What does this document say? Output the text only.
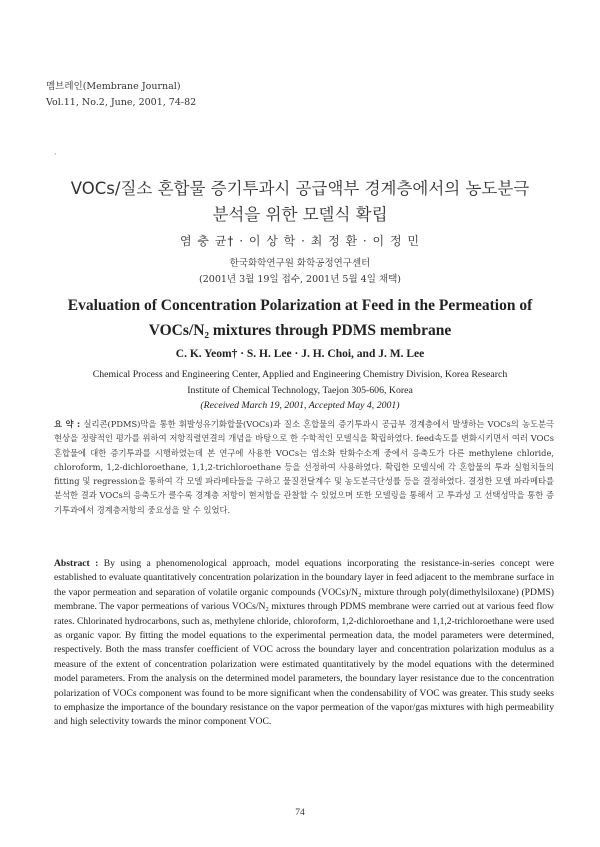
멤브레인(Membrane Journal)
Vol.11, No.2, June, 2001, 74-82
·
VOCs/질소 혼합물 증기투과시 공급액부 경계층에서의 농도분극
분석을 위한 모델식 확립
염 충 균† · 이 상 학 · 최 정 환 · 이 정 민
한국화학연구원 화학공정연구센터
(2001년 3월 19일 접수, 2001년 5월 4일 채택)
Evaluation of Concentration Polarization at Feed in the Permeation of
VOCs/N₂ mixtures through PDMS membrane
C. K. Yeom† · S. H. Lee · J. H. Choi, and J. M. Lee
Chemical Process and Engineering Center, Applied and Engineering Chemistry Division, Korea Research
Institute of Chemical Technology, Taejon 305-606, Korea
(Received March 19, 2001, Accepted May 4, 2001)

요 약 : 실리콘(PDMS)막을 통한 휘발성유기화합물(VOCs)과 질소 혼합물의 증기투과시 공급부 경계층에서 발생하는 VOCs의 농도분극 현상을 정량적인 평가를 위하여 저항직렬연결의 개념을 바탕으로 한 수학적인 모델식을 확립하였다. feed속도를 변화시키면서 여러 VOCs 혼합물에 대한 증기투과를 시행하였는데 본 연구에 사용한 VOCs는 염소화 탄화수소계 중에서 응축도가 다른 methylene chloride, chloroform, 1,2-dichloroethane, 1,1,2-trichloroethane 등을 선정하여 사용하였다. 확립한 모델식에 각 혼합물의 투과 실험치들의 fitting 및 regression을 통하여 각 모델 파라메타들을 구하고 물질전달계수 및 농도분극단성률 등을 결정하였다. 결정한 모델 파라메타를 분석한 결과 VOCs의 응축도가 클수록 경계층 저항이 현저함을 관찰할 수 있었으며 또한 모델링을 통해서 고 투과성 고 선택성막을 통한 증기투과에서 경계층저항의 중요성을 알 수 있었다.

Abstract : By using a phenomenological approach, model equations incorporating the resistance-in-series concept were established to evaluate quantitatively concentration polarization in the boundary layer in feed adjacent to the membrane surface in the vapor permeation and separation of volatile organic compounds (VOCs)/N₂ mixture through poly(dimethylsiloxane) (PDMS) membrane. The vapor permeations of various VOCs/N₂ mixtures through PDMS membrane were carried out at various feed flow rates. Chlorinated hydrocarbons, such as, methylene chloride, chloroform, 1,2-dichloroethane and 1,1,2-trichloroethane were used as organic vapor. By fitting the model equations to the experimental permeation data, the model parameters were determined, respectively. Both the mass transfer coefficient of VOC across the boundary layer and concentration polarization modulus as a measure of the extent of concentration polarization were estimated quantitatively by the model equations with the determined model parameters. From the analysis on the determined model parameters, the boundary layer resistance due to the concentration polarization of VOCs component was found to be more significant when the condensability of VOC was greater. This study seeks to emphasize the importance of the boundary resistance on the vapor permeation of the vapor/gas mixtures with high permeability and high selectivity towards the minor component VOC.

74
